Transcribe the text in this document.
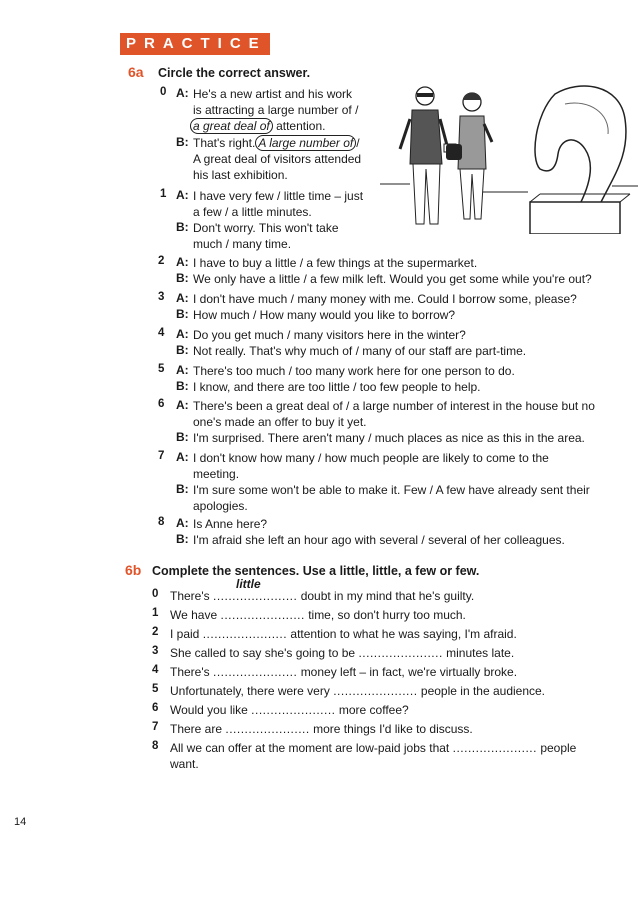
PRACTICE
6a Circle the correct answer.
0 A: He's a new artist and his work
is attracting a large number of /
a great deal of attention.
B: That's right. A large number of /
A great deal of visitors attended
his last exhibition.
1 A: I have very few / little time – just
a few / a little minutes.
B: Don't worry. This won't take
much / many time.
2 A: I have to buy a little / a few things at the supermarket.
B: We only have a little / a few milk left. Would you get some while you're out?
3 A: I don't have much / many money with me. Could I borrow some, please?
B: How much / How many would you like to borrow?
4 A: Do you get much / many visitors here in the winter?
B: Not really. That's why much of / many of our staff are part-time.
5 A: There's too much / too many work here for one person to do.
B: I know, and there are too little / too few people to help.
6 A: There's been a great deal of / a large number of interest in the house but no
one's made an offer to buy it yet.
B: I'm surprised. There aren't many / much places as nice as this in the area.
7 A: I don't know how many / how much people are likely to come to the
meeting.
B: I'm sure some won't be able to make it. Few / A few have already sent their
apologies.
8 A: Is Anne here?
B: I'm afraid she left an hour ago with several / several of her colleagues.
6b Complete the sentences. Use a little, little, a few or few.
little
0 There's ...................... doubt in my mind that he's guilty.
1 We have ...................... time, so don't hurry too much.
2 I paid ...................... attention to what he was saying, I'm afraid.
3 She called to say she's going to be ...................... minutes late.
4 There's ...................... money left – in fact, we're virtually broke.
5 Unfortunately, there were very ...................... people in the audience.
6 Would you like ...................... more coffee?
7 There are ...................... more things I'd like to discuss.
8 All we can offer at the moment are low-paid jobs that ...................... people
want.
14
